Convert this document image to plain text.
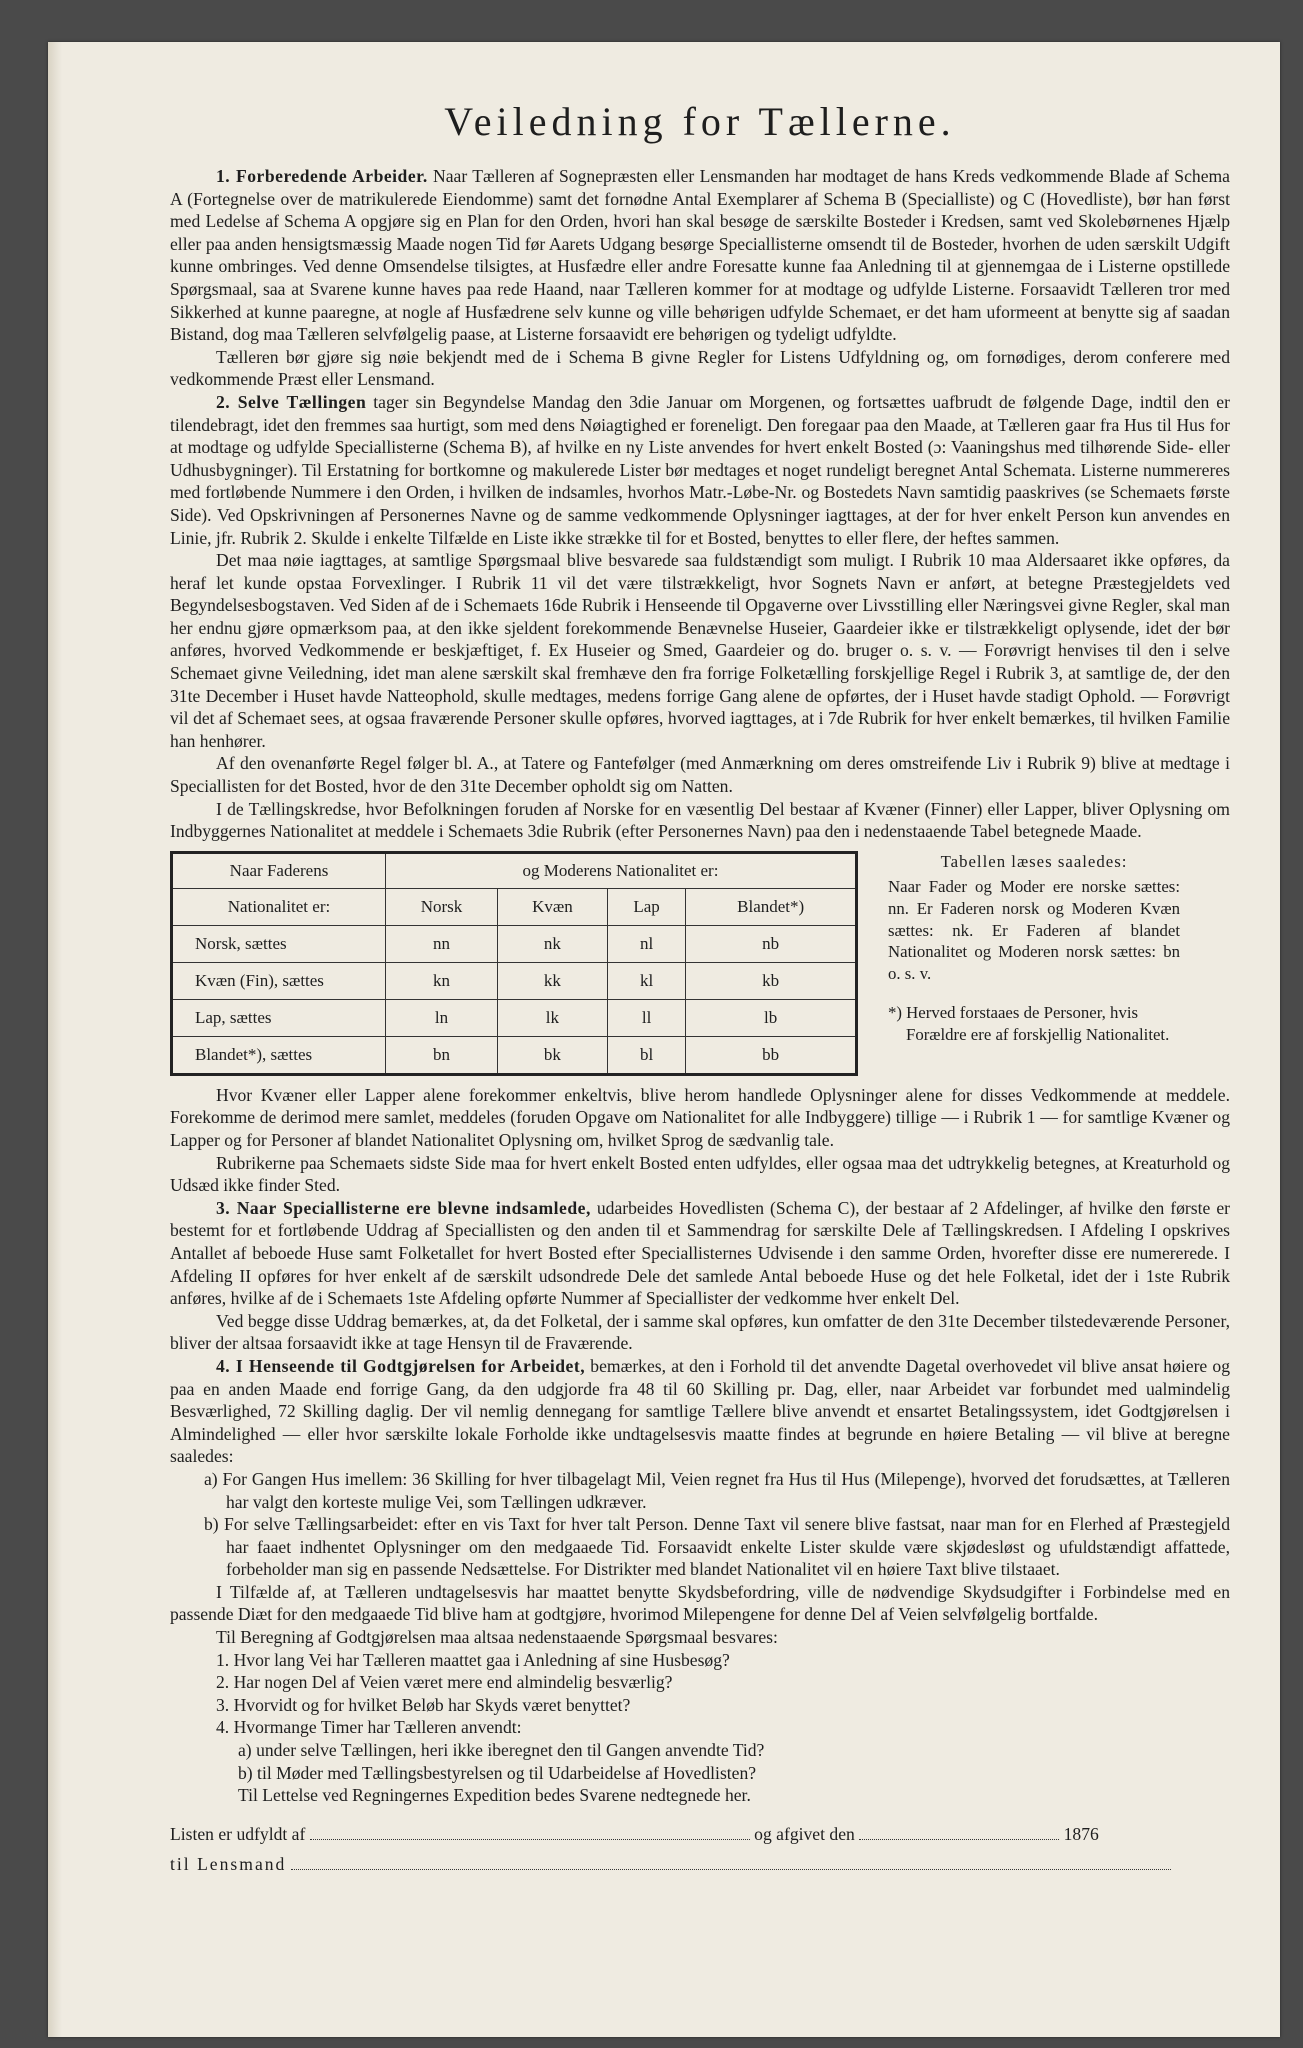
Veiledning for Tællerne.

1. Forberedende Arbeider. Naar Tælleren af Sognepræsten eller Lensmanden har modtaget de hans Kreds vedkommende Blade af Schema A (Fortegnelse over de matrikulerede Eiendomme) samt det fornødne Antal Exemplarer af Schema B (Specialliste) og C (Hovedliste), bør han først med Ledelse af Schema A opgjøre sig en Plan for den Orden, hvori han skal besøge de særskilte Bosteder i Kredsen, samt ved Skolebørnenes Hjælp eller paa anden hensigtsmæssig Maade nogen Tid før Aarets Udgang besørge Speciallisterne omsendt til de Bosteder, hvorhen de uden særskilt Udgift kunne ombringes. Ved denne Omsendelse tilsigtes, at Husfædre eller andre Foresatte kunne faa Anledning til at gjennemgaa de i Listerne opstillede Spørgsmaal, saa at Svarene kunne haves paa rede Haand, naar Tælleren kommer for at modtage og udfylde Listerne. Forsaavidt Tælleren tror med Sikkerhed at kunne paaregne, at nogle af Husfædrene selv kunne og ville behørigen udfylde Schemaet, er det ham uformeent at benytte sig af saadan Bistand, dog maa Tælleren selvfølgelig paase, at Listerne forsaavidt ere behørigen og tydeligt udfyldte.

Tælleren bør gjøre sig nøie bekjendt med de i Schema B givne Regler for Listens Udfyldning og, om fornødiges, derom conferere med vedkommende Præst eller Lensmand.

2. Selve Tællingen tager sin Begyndelse Mandag den 3die Januar om Morgenen, og fortsættes uafbrudt de følgende Dage, indtil den er tilendebragt, idet den fremmes saa hurtigt, som med dens Nøiagtighed er foreneligt. Den foregaar paa den Maade, at Tælleren gaar fra Hus til Hus for at modtage og udfylde Speciallisterne (Schema B), af hvilke en ny Liste anvendes for hvert enkelt Bosted (ɔ: Vaaningshus med tilhørende Side- eller Udhusbygninger). Til Erstatning for bortkomne og makulerede Lister bør medtages et noget rundeligt beregnet Antal Schemata. Listerne nummereres med fortløbende Nummere i den Orden, i hvilken de indsamles, hvorhos Matr.-Løbe-Nr. og Bostedets Navn samtidig paaskrives (se Schemaets første Side). Ved Opskrivningen af Personernes Navne og de samme vedkommende Oplysninger iagttages, at der for hver enkelt Person kun anvendes en Linie, jfr. Rubrik 2. Skulde i enkelte Tilfælde en Liste ikke strække til for et Bosted, benyttes to eller flere, der heftes sammen.

Det maa nøie iagttages, at samtlige Spørgsmaal blive besvarede saa fuldstændigt som muligt. I Rubrik 10 maa Aldersaaret ikke opføres, da heraf let kunde opstaa Forvexlinger. I Rubrik 11 vil det være tilstrækkeligt, hvor Sognets Navn er anført, at betegne Præstegjeldets ved Begyndelsesbogstaven. Ved Siden af de i Schemaets 16de Rubrik i Henseende til Opgaverne over Livsstilling eller Næringsvei givne Regler, skal man her endnu gjøre opmærksom paa, at den ikke sjeldent forekommende Benævnelse Huseier, Gaardeier ikke er tilstrækkeligt oplysende, idet der bør anføres, hvorved Vedkommende er beskjæftiget, f. Ex Huseier og Smed, Gaardeier og do. bruger o. s. v. — Forøvrigt henvises til den i selve Schemaet givne Veiledning, idet man alene særskilt skal fremhæve den fra forrige Folketælling forskjellige Regel i Rubrik 3, at samtlige de, der den 31te December i Huset havde Natteophold, skulle medtages, medens forrige Gang alene de opførtes, der i Huset havde stadigt Ophold. — Forøvrigt vil det af Schemaet sees, at ogsaa fraværende Personer skulle opføres, hvorved iagttages, at i 7de Rubrik for hver enkelt bemærkes, til hvilken Familie han henhører.

Af den ovenanførte Regel følger bl. A., at Tatere og Fantefølger (med Anmærkning om deres omstreifende Liv i Rubrik 9) blive at medtage i Speciallisten for det Bosted, hvor de den 31te December opholdt sig om Natten.

I de Tællingskredse, hvor Befolkningen foruden af Norske for en væsentlig Del bestaar af Kvæner (Finner) eller Lapper, bliver Oplysning om Indbyggernes Nationalitet at meddele i Schemaets 3die Rubrik (efter Personernes Navn) paa den i nedenstaaende Tabel betegnede Maade.

Naar Faderens	og Moderens Nationalitet er:			
Nationalitet er:	Norsk	Kvæn	Lap	Blandet*)
Norsk, sættes	nn	nk	nl	nb
Kvæn (Fin), sættes	kn	kk	kl	kb
Lap, sættes	ln	lk	ll	lb
Blandet*), sættes	bn	bk	bl	bb
Tabellen læses saaledes:
Naar Fader og Moder ere norske sættes: nn. Er Faderen norsk og Moderen Kvæn sættes: nk. Er Faderen af blandet Nationalitet og Moderen norsk sættes: bn o. s. v.
*) Herved forstaaes de Personer, hvis Forældre ere af forskjellig Nationalitet.

Hvor Kvæner eller Lapper alene forekommer enkeltvis, blive herom handlede Oplysninger alene for disses Vedkommende at meddele. Forekomme de derimod mere samlet, meddeles (foruden Opgave om Nationalitet for alle Indbyggere) tillige — i Rubrik 1 — for samtlige Kvæner og Lapper og for Personer af blandet Nationalitet Oplysning om, hvilket Sprog de sædvanlig tale.

Rubrikerne paa Schemaets sidste Side maa for hvert enkelt Bosted enten udfyldes, eller ogsaa maa det udtrykkelig betegnes, at Kreaturhold og Udsæd ikke finder Sted.

3. Naar Speciallisterne ere blevne indsamlede, udarbeides Hovedlisten (Schema C), der bestaar af 2 Afdelinger, af hvilke den første er bestemt for et fortløbende Uddrag af Speciallisten og den anden til et Sammendrag for særskilte Dele af Tællingskredsen. I Afdeling I opskrives Antallet af beboede Huse samt Folketallet for hvert Bosted efter Speciallisternes Udvisende i den samme Orden, hvorefter disse ere numererede. I Afdeling II opføres for hver enkelt af de særskilt udsondrede Dele det samlede Antal beboede Huse og det hele Folketal, idet der i 1ste Rubrik anføres, hvilke af de i Schemaets 1ste Afdeling opførte Nummer af Speciallister der vedkomme hver enkelt Del.

Ved begge disse Uddrag bemærkes, at, da det Folketal, der i samme skal opføres, kun omfatter de den 31te December tilstedeværende Personer, bliver der altsaa forsaavidt ikke at tage Hensyn til de Fraværende.

4. I Henseende til Godtgjørelsen for Arbeidet, bemærkes, at den i Forhold til det anvendte Dagetal overhovedet vil blive ansat høiere og paa en anden Maade end forrige Gang, da den udgjorde fra 48 til 60 Skilling pr. Dag, eller, naar Arbeidet var forbundet med ualmindelig Besværlighed, 72 Skilling daglig. Der vil nemlig dennegang for samtlige Tællere blive anvendt et ensartet Betalingssystem, idet Godtgjørelsen i Almindelighed — eller hvor særskilte lokale Forholde ikke undtagelsesvis maatte findes at begrunde en høiere Betaling — vil blive at beregne saaledes:

a) For Gangen Hus imellem: 36 Skilling for hver tilbagelagt Mil, Veien regnet fra Hus til Hus (Milepenge), hvorved det forudsættes, at Tælleren har valgt den korteste mulige Vei, som Tællingen udkræver.

b) For selve Tællingsarbeidet: efter en vis Taxt for hver talt Person. Denne Taxt vil senere blive fastsat, naar man for en Flerhed af Præstegjeld har faaet indhentet Oplysninger om den medgaaede Tid. Forsaavidt enkelte Lister skulde være skjødesløst og ufuldstændigt affattede, forbeholder man sig en passende Nedsættelse. For Distrikter med blandet Nationalitet vil en høiere Taxt blive tilstaaet.

I Tilfælde af, at Tælleren undtagelsesvis har maattet benytte Skydsbefordring, ville de nødvendige Skydsudgifter i Forbindelse med en passende Diæt for den medgaaede Tid blive ham at godtgjøre, hvorimod Milepengene for denne Del af Veien selvfølgelig bortfalde.

Til Beregning af Godtgjørelsen maa altsaa nedenstaaende Spørgsmaal besvares:

1. Hvor lang Vei har Tælleren maattet gaa i Anledning af sine Husbesøg?
2. Har nogen Del af Veien været mere end almindelig besværlig?
3. Hvorvidt og for hvilket Beløb har Skyds været benyttet?
4. Hvormange Timer har Tælleren anvendt:
a) under selve Tællingen, heri ikke iberegnet den til Gangen anvendte Tid?
b) til Møder med Tællingsbestyrelsen og til Udarbeidelse af Hovedlisten?
Til Lettelse ved Regningernes Expedition bedes Svarene nedtegnede her.
Listen er udfyldt af	og afgivet den	1876
til Lensmand
